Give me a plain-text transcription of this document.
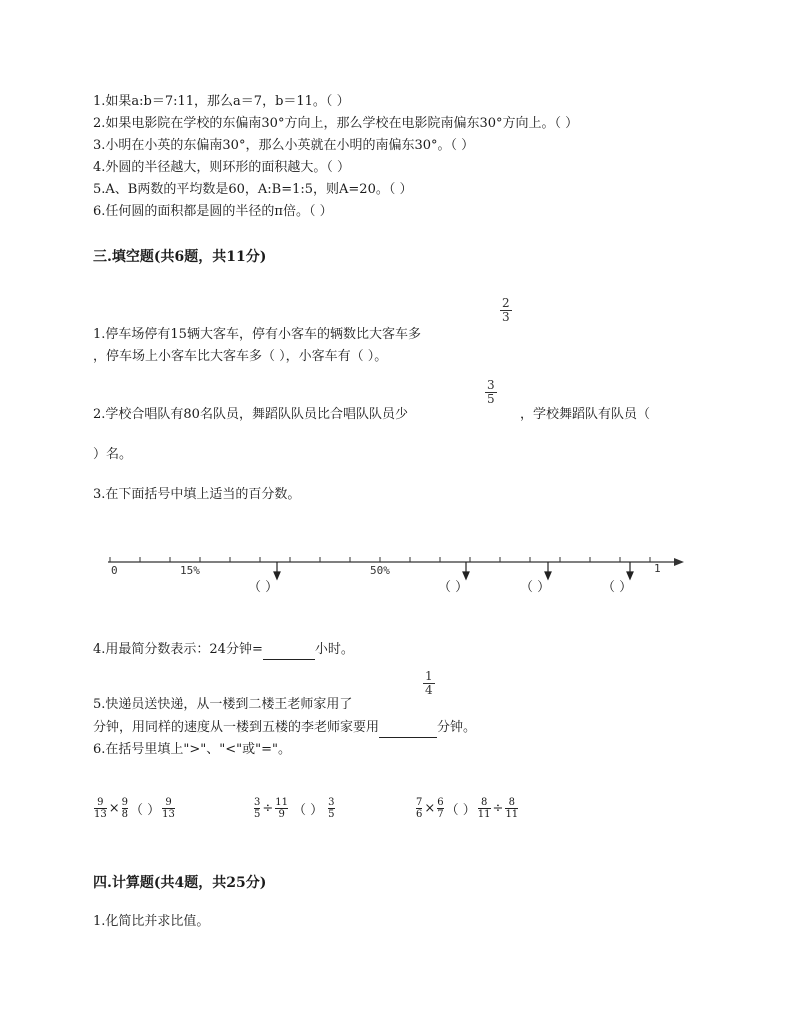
1.如果a:b＝7:11，那么a＝7，b＝11。（ ）
2.如果电影院在学校的东偏南30°方向上，那么学校在电影院南偏东30°方向上。（ ）
3.小明在小英的东偏南30°，那么小英就在小明的南偏东30°。（ ）
4.外圆的半径越大，则环形的面积越大。（ ）
5.A、B两数的平均数是60，A:B=1:5，则A=20。（ ）
6.任何圆的面积都是圆的半径的π倍。（ ）
三.填空题(共6题，共11分)
2
3
1.停车场停有15辆大客车，停有小客车的辆数比大客车多
，停车场上小客车比大客车多（ ），小客车有（ ）。
3
5
2.学校合唱队有80名队员，舞蹈队队员比合唱队队员少	，学校舞蹈队有队员（
）名。
3.在下面括号中填上适当的百分数。
0	15%	50%	1
（ ）	（ ）	（ ）	（ ）
4.用最简分数表示：24分钟=	小时。
1
4
5.快递员送快递，从一楼到二楼王老师家用了
分钟，用同样的速度从一楼到五楼的李老师家要用	分钟。
6.在括号里填上">"、"<"或"="。
9
13 × 9
8 （ ）
9
13
3
5 ÷ 11
9 （ ）
3
5
7
6 × 6
7 （ ）
8
11 ÷ 8
11
四.计算题(共4题，共25分)
1.化简比并求比值。
